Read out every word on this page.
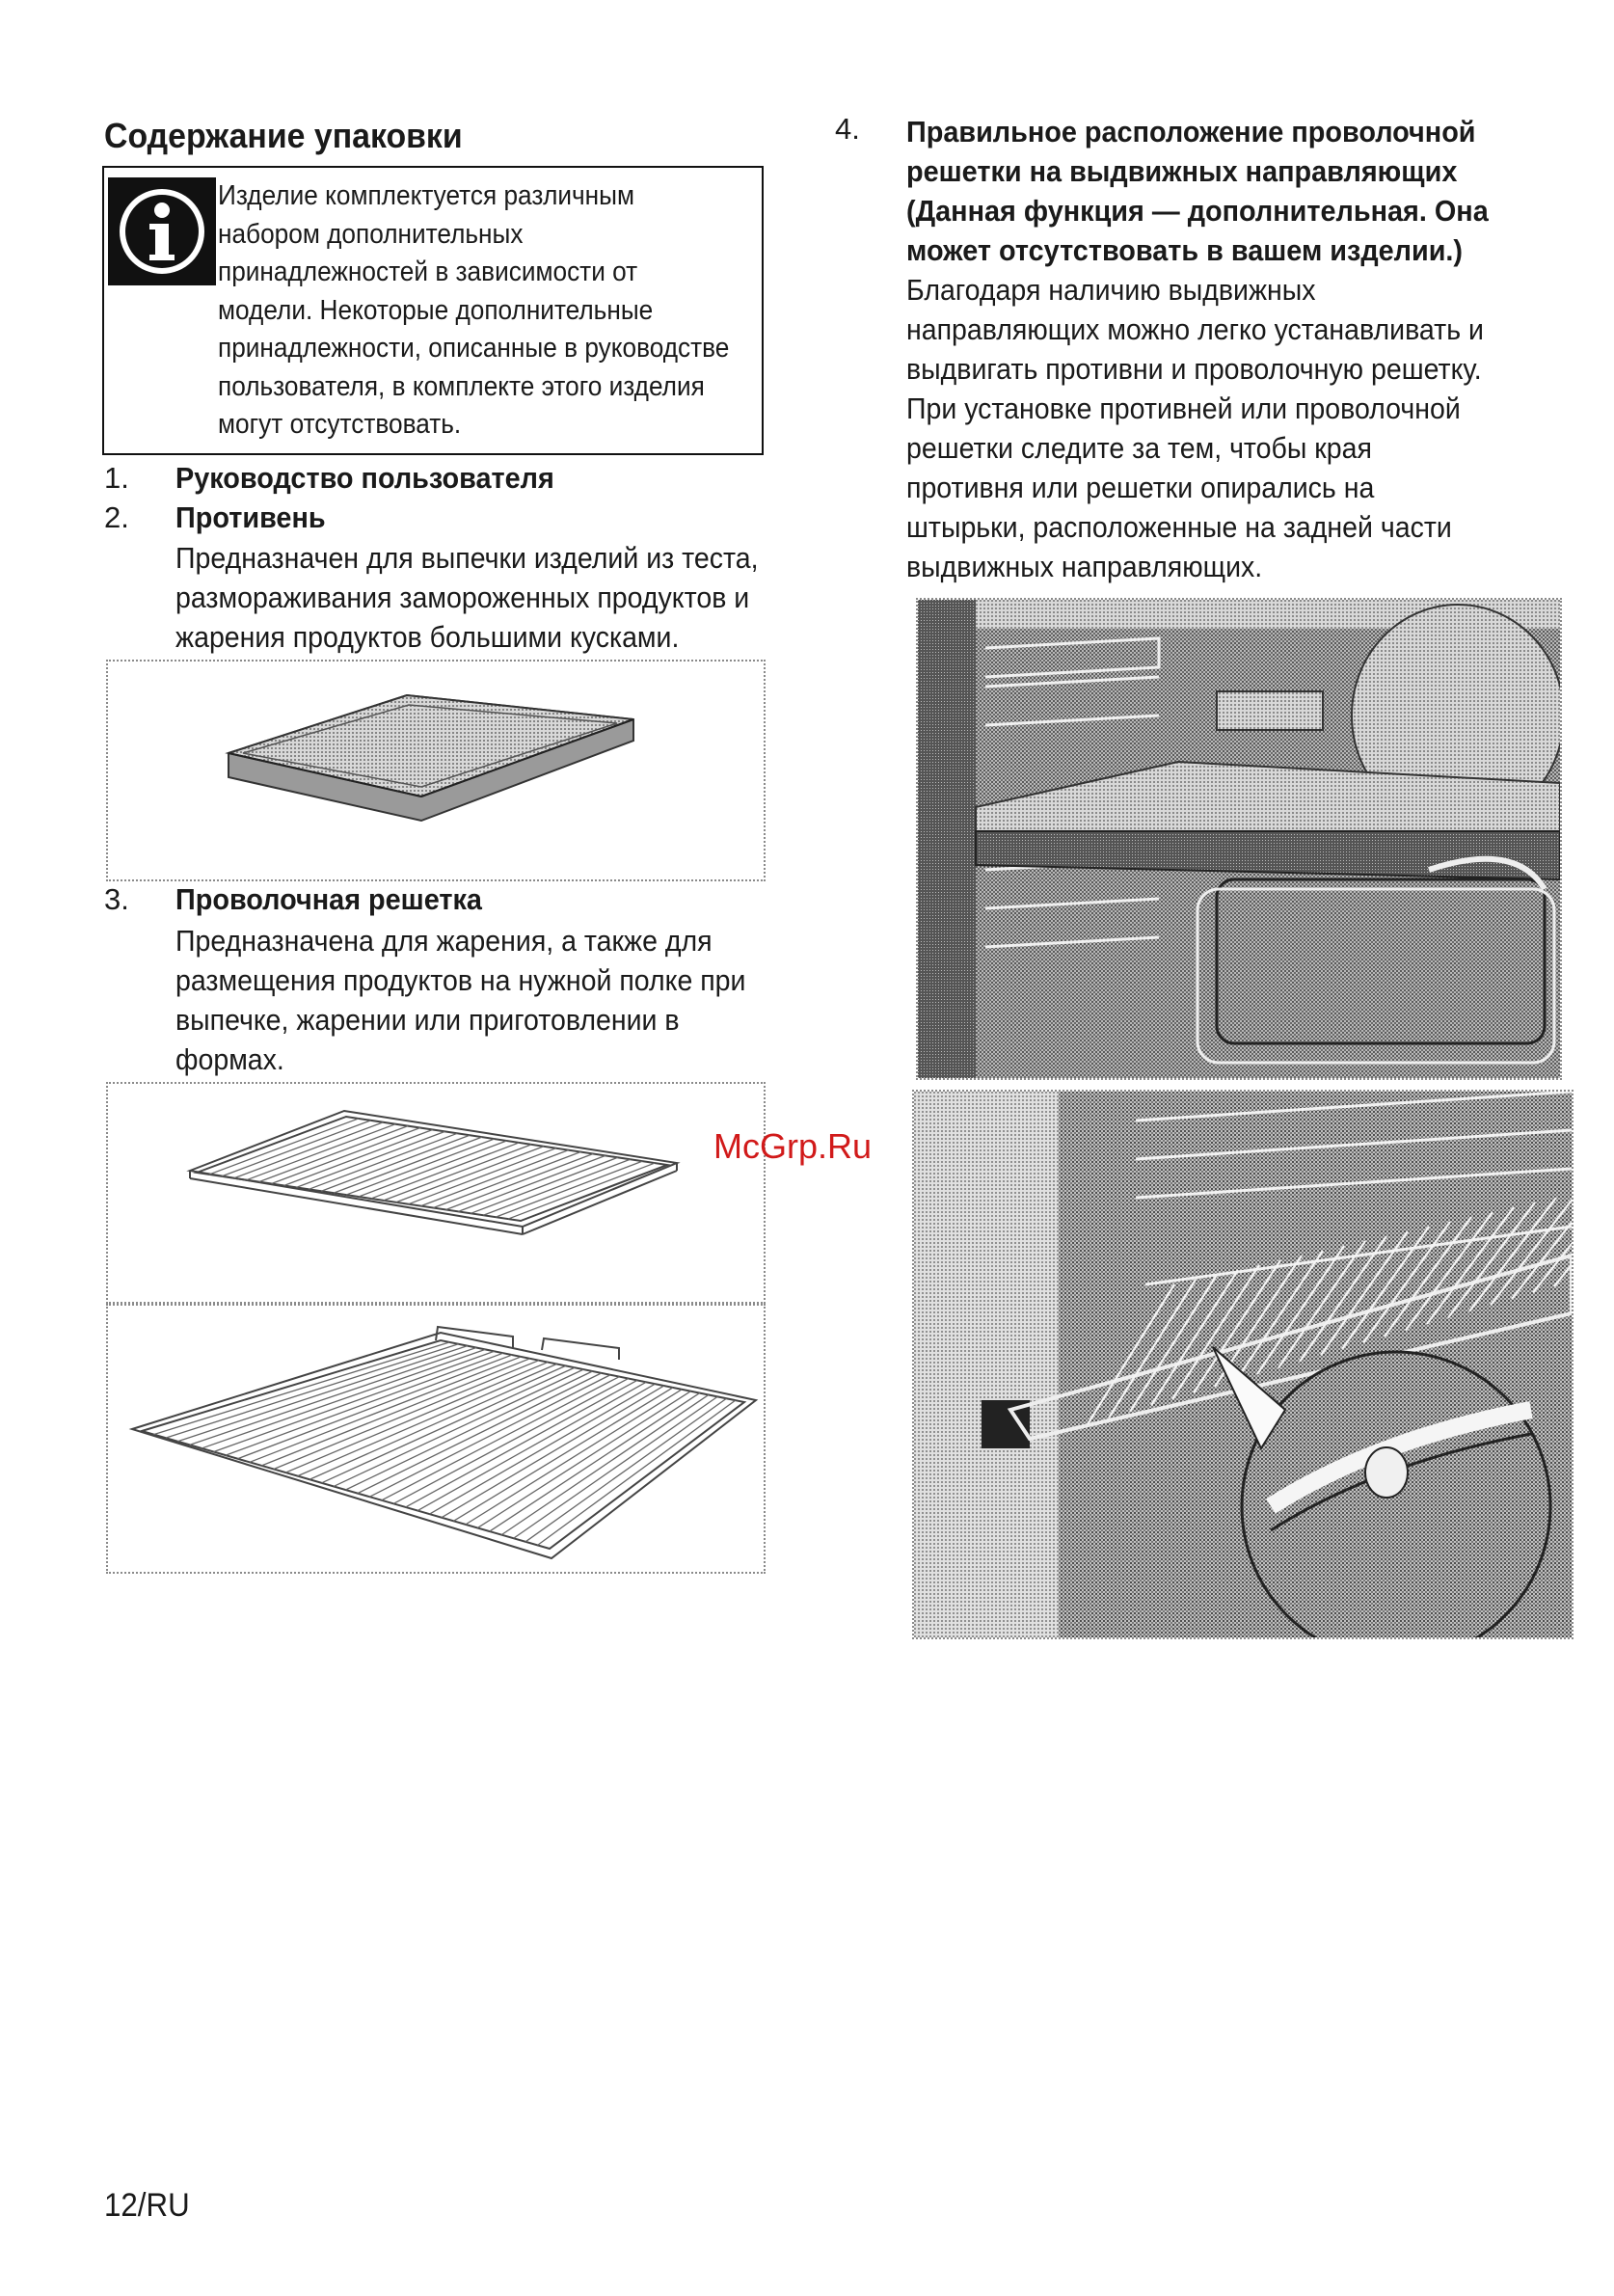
Содержание упаковки
Изделие комплектуется различным
набором дополнительных
принадлежностей в зависимости от
модели. Некоторые дополнительные
принадлежности, описанные в руководстве
пользователя, в комплекте этого изделия
могут отсутствовать.
1. Руководство пользователя
2. Противень
Предназначен для выпечки изделий из теста,
размораживания замороженных продуктов и
жарения продуктов большими кусками.
3. Проволочная решетка
Предназначена для жарения, а также для
размещения продуктов на нужной полке при
выпечке, жарении или приготовлении в
формах.
4. Правильное расположение проволочной
решетки на выдвижных направляющих
(Данная функция — дополнительная. Она
может отсутствовать в вашем изделии.)
Благодаря наличию выдвижных
направляющих можно легко устанавливать и
выдвигать противни и проволочную решетку.
При установке противней или проволочной
решетки следите за тем, чтобы края
противня или решетки опирались на
штырьки, расположенные на задней части
выдвижных направляющих.
McGrp.Ru
12/RU
